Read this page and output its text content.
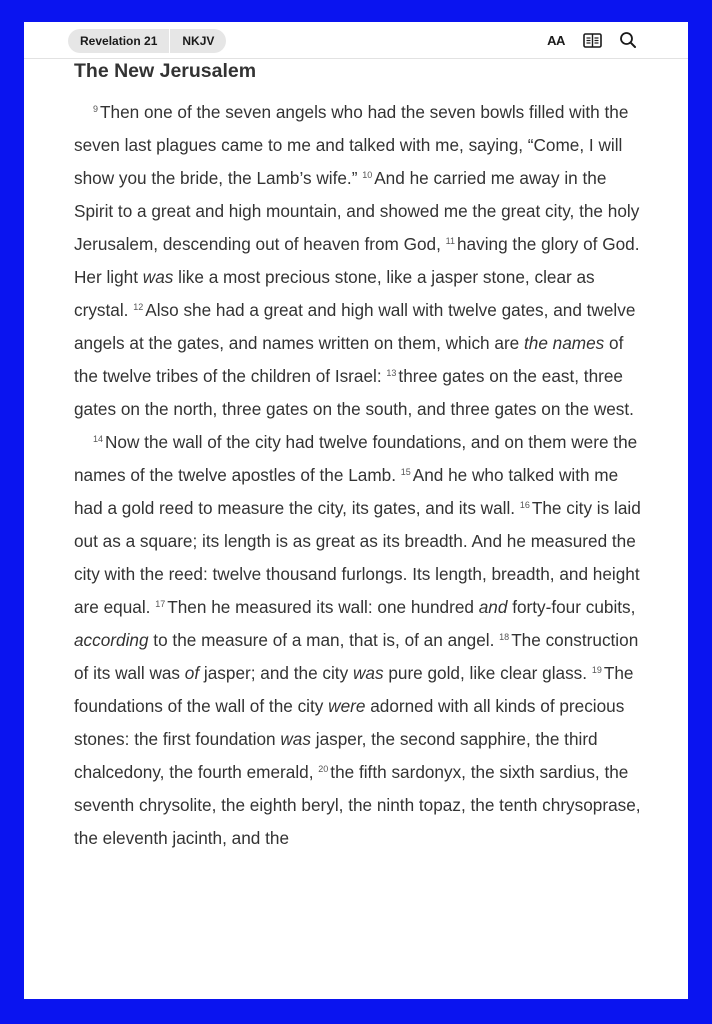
Revelation 21	NKJV	AA
The New Jerusalem

$^9$ Then one of the seven angels who had the seven bowls filled with the seven last plagues came to me and talked with me, saying, “Come, I will show you the bride, the Lamb’s wife.” $^{10}$ And he carried me away in the Spirit to a great and high mountain, and showed me the great city, the holy Jerusalem, descending out of heaven from God, $^{11}$ having the glory of God. Her light was like a most precious stone, like a jasper stone, clear as crystal. $^{12}$ Also she had a great and high wall with twelve gates, and twelve angels at the gates, and names written on them, which are the names of the twelve tribes of the children of Israel: $^{13}$ three gates on the east, three gates on the north, three gates on the south, and three gates on the west.

$^{14}$ Now the wall of the city had twelve foundations, and on them were the names of the twelve apostles of the Lamb. $^{15}$ And he who talked with me had a gold reed to measure the city, its gates, and its wall. $^{16}$ The city is laid out as a square; its length is as great as its breadth. And he measured the city with the reed: twelve thousand furlongs. Its length, breadth, and height are equal. $^{17}$ Then he measured its wall: one hundred and forty-four cubits, according to the measure of a man, that is, of an angel. $^{18}$ The construction of its wall was of jasper; and the city was pure gold, like clear glass. $^{19}$ The foundations of the wall of the city were adorned with all kinds of precious stones: the first foundation was jasper, the second sapphire, the third chalcedony, the fourth emerald, $^{20}$ the fifth sardonyx, the sixth sardius, the seventh chrysolite, the eighth beryl, the ninth topaz, the tenth chrysoprase, the eleventh jacinth, and the
